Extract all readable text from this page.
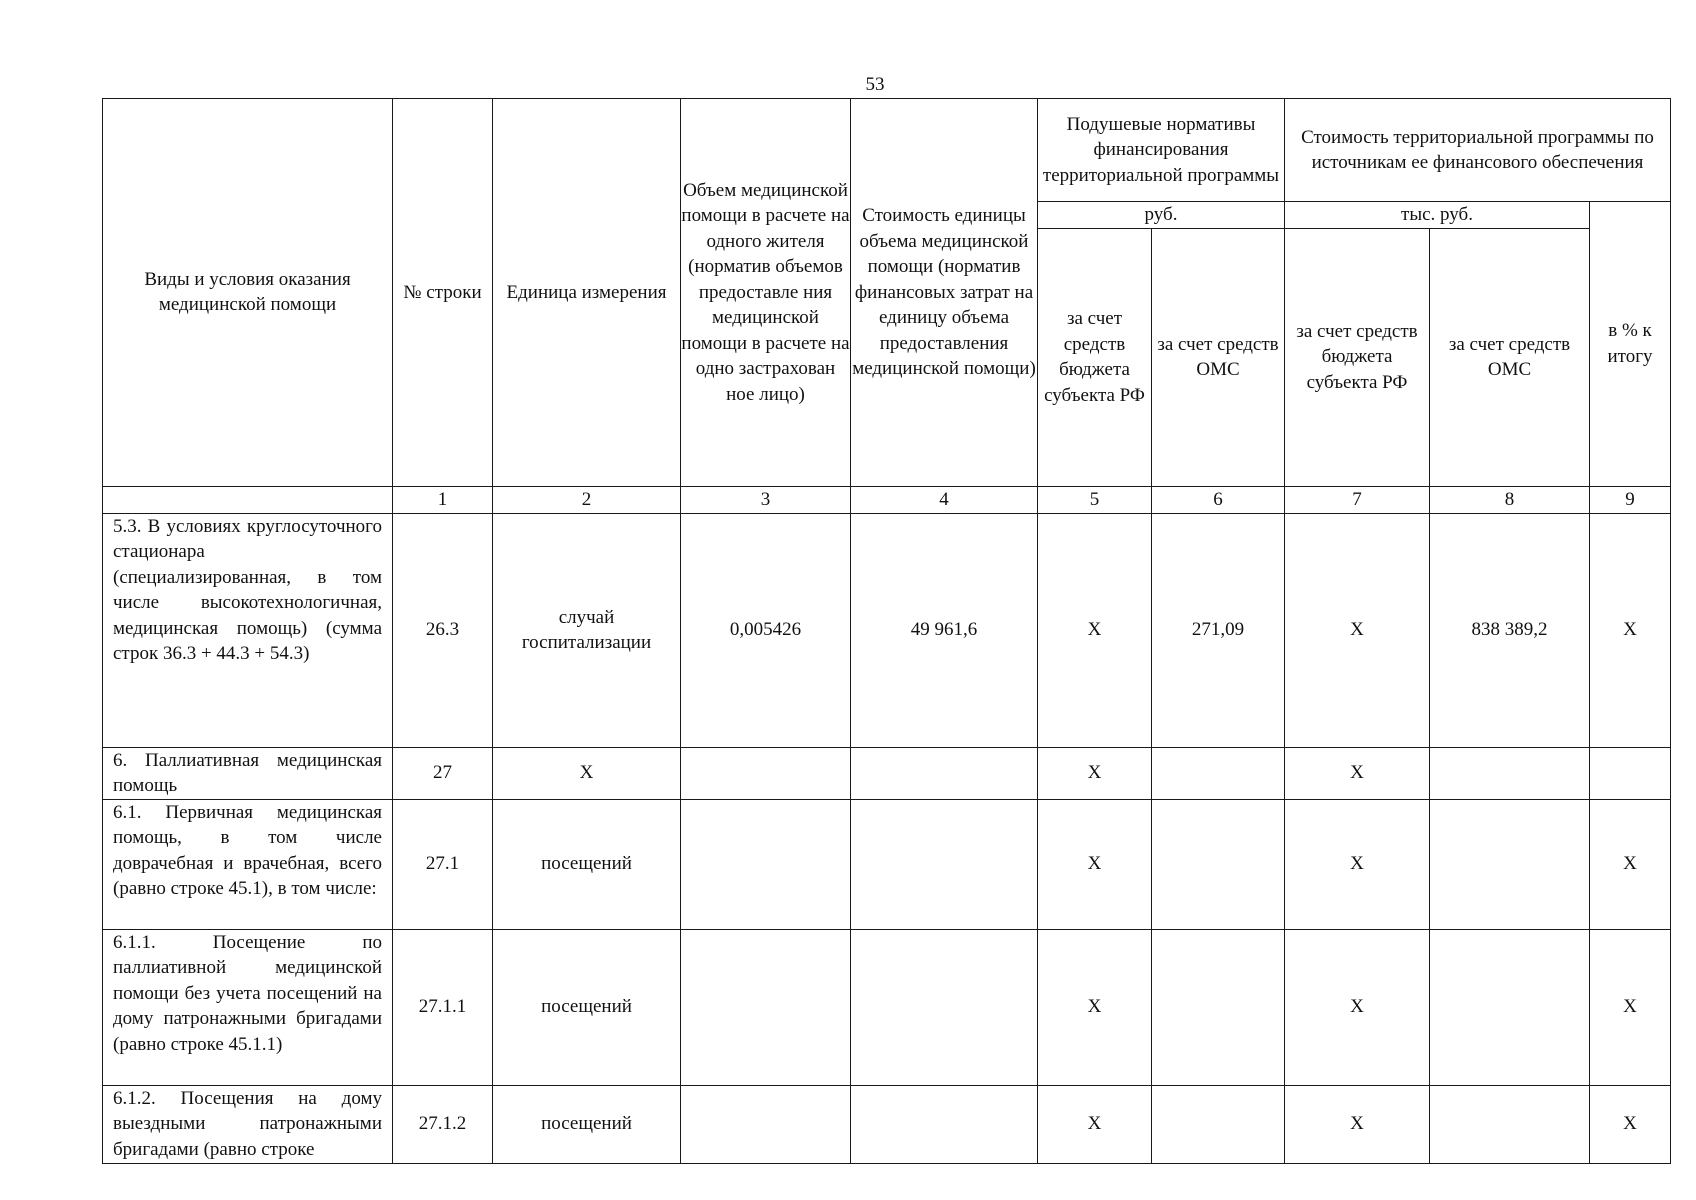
53
Виды и условия оказания медицинской помощи	№ строки	Единица измерения	Объем медицинской помощи в расчете на одного жителя (норматив объемов предоставле ния медицинской помощи в расчете на одно застрахован ное лицо)	Стоимость единицы объема медицинской помощи (норматив финансовых затрат на единицу объема предоставления медицинской помощи)	Подушевые нормативы финансирования территориальной программы		Стоимость территориальной программы по источникам ее финансового обеспечения		
					руб.		тыс. руб.		в % к итогу
					за счет средств бюджета субъекта РФ	за счет средств ОМС	за счет средств бюджета субъекта РФ	за счет средств ОМС	
	1	2	3	4	5	6	7	8	9
5.3. В условиях круглосуточного стационара (специализированная, в том числе высокотехнологичная, медицинская помощь) (сумма строк 36.3 + 44.3 + 54.3)	26.3	случай госпитализации	0,005426	49 961,6	Х	271,09	Х	838 389,2	Х
6. Паллиативная медицинская помощь	27	Х			Х		Х		
6.1. Первичная медицинская помощь, в том числе доврачебная и врачебная, всего (равно строке 45.1), в том числе:	27.1	посещений			Х		Х		Х
6.1.1. Посещение по паллиативной медицинской помощи без учета посещений на дому патронажными бригадами (равно строке 45.1.1)	27.1.1	посещений			Х		Х		Х
6.1.2. Посещения на дому выездными патронажными бригадами (равно строке	27.1.2	посещений			Х		Х		Х
